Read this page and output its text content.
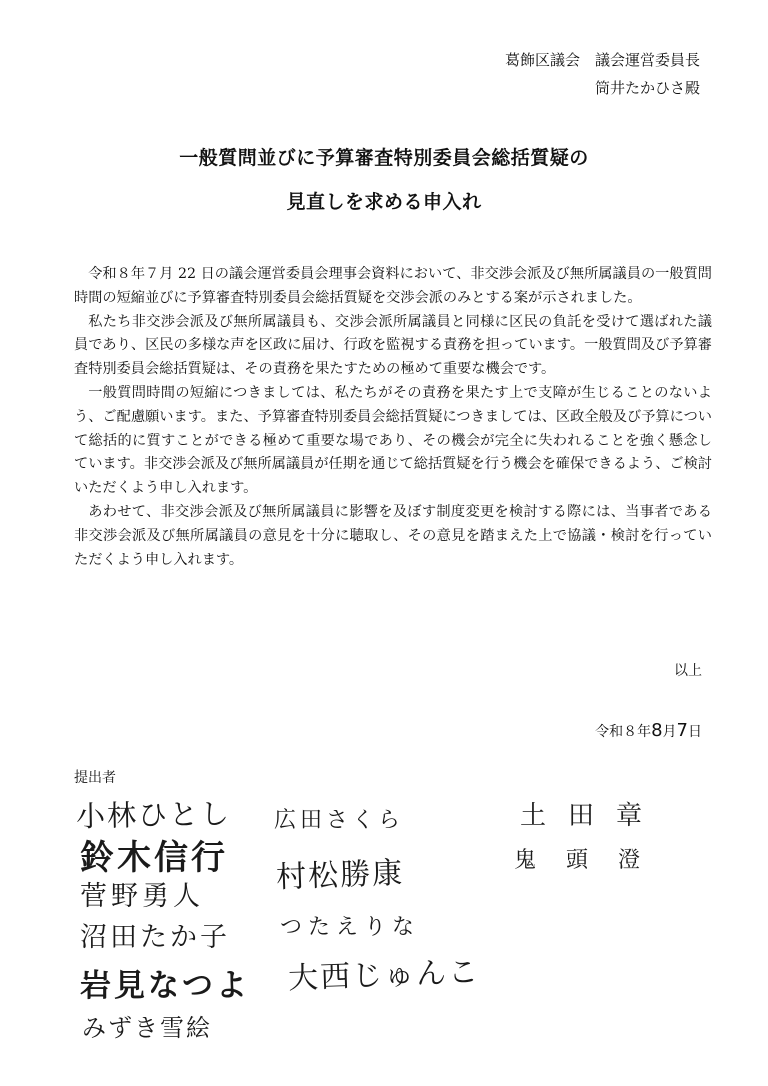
葛飾区議会　議会運営委員長
筒井たかひさ殿
一般質問並びに予算審査特別委員会総括質疑の
見直しを求める申入れ

令和８年７月 22 日の議会運営委員会理事会資料において、非交渉会派及び無所属議員の一般質問時間の短縮並びに予算審査特別委員会総括質疑を交渉会派のみとする案が示されました。

私たち非交渉会派及び無所属議員も、交渉会派所属議員と同様に区民の負託を受けて選ばれた議員であり、区民の多様な声を区政に届け、行政を監視する責務を担っています。一般質問及び予算審査特別委員会総括質疑は、その責務を果たすための極めて重要な機会です。

一般質問時間の短縮につきましては、私たちがその責務を果たす上で支障が生じることのないよう、ご配慮願います。また、予算審査特別委員会総括質疑につきましては、区政全般及び予算について総括的に質すことができる極めて重要な場であり、その機会が完全に失われることを強く懸念しています。非交渉会派及び無所属議員が任期を通じて総括質疑を行う機会を確保できるよう、ご検討いただくよう申し入れます。

あわせて、非交渉会派及び無所属議員に影響を及ぼす制度変更を検討する際には、当事者である非交渉会派及び無所属議員の意見を十分に聴取し、その意見を踏まえた上で協議・検討を行っていただくよう申し入れます。

以上
令和８年8月7日
提出者
小林ひとし
鈴木信行
菅野勇人
沼田たか子
岩見なつよ
みずき雪絵
広田さくら
村松勝康
つたえりな
大西じゅんこ
土田章
鬼頭澄
